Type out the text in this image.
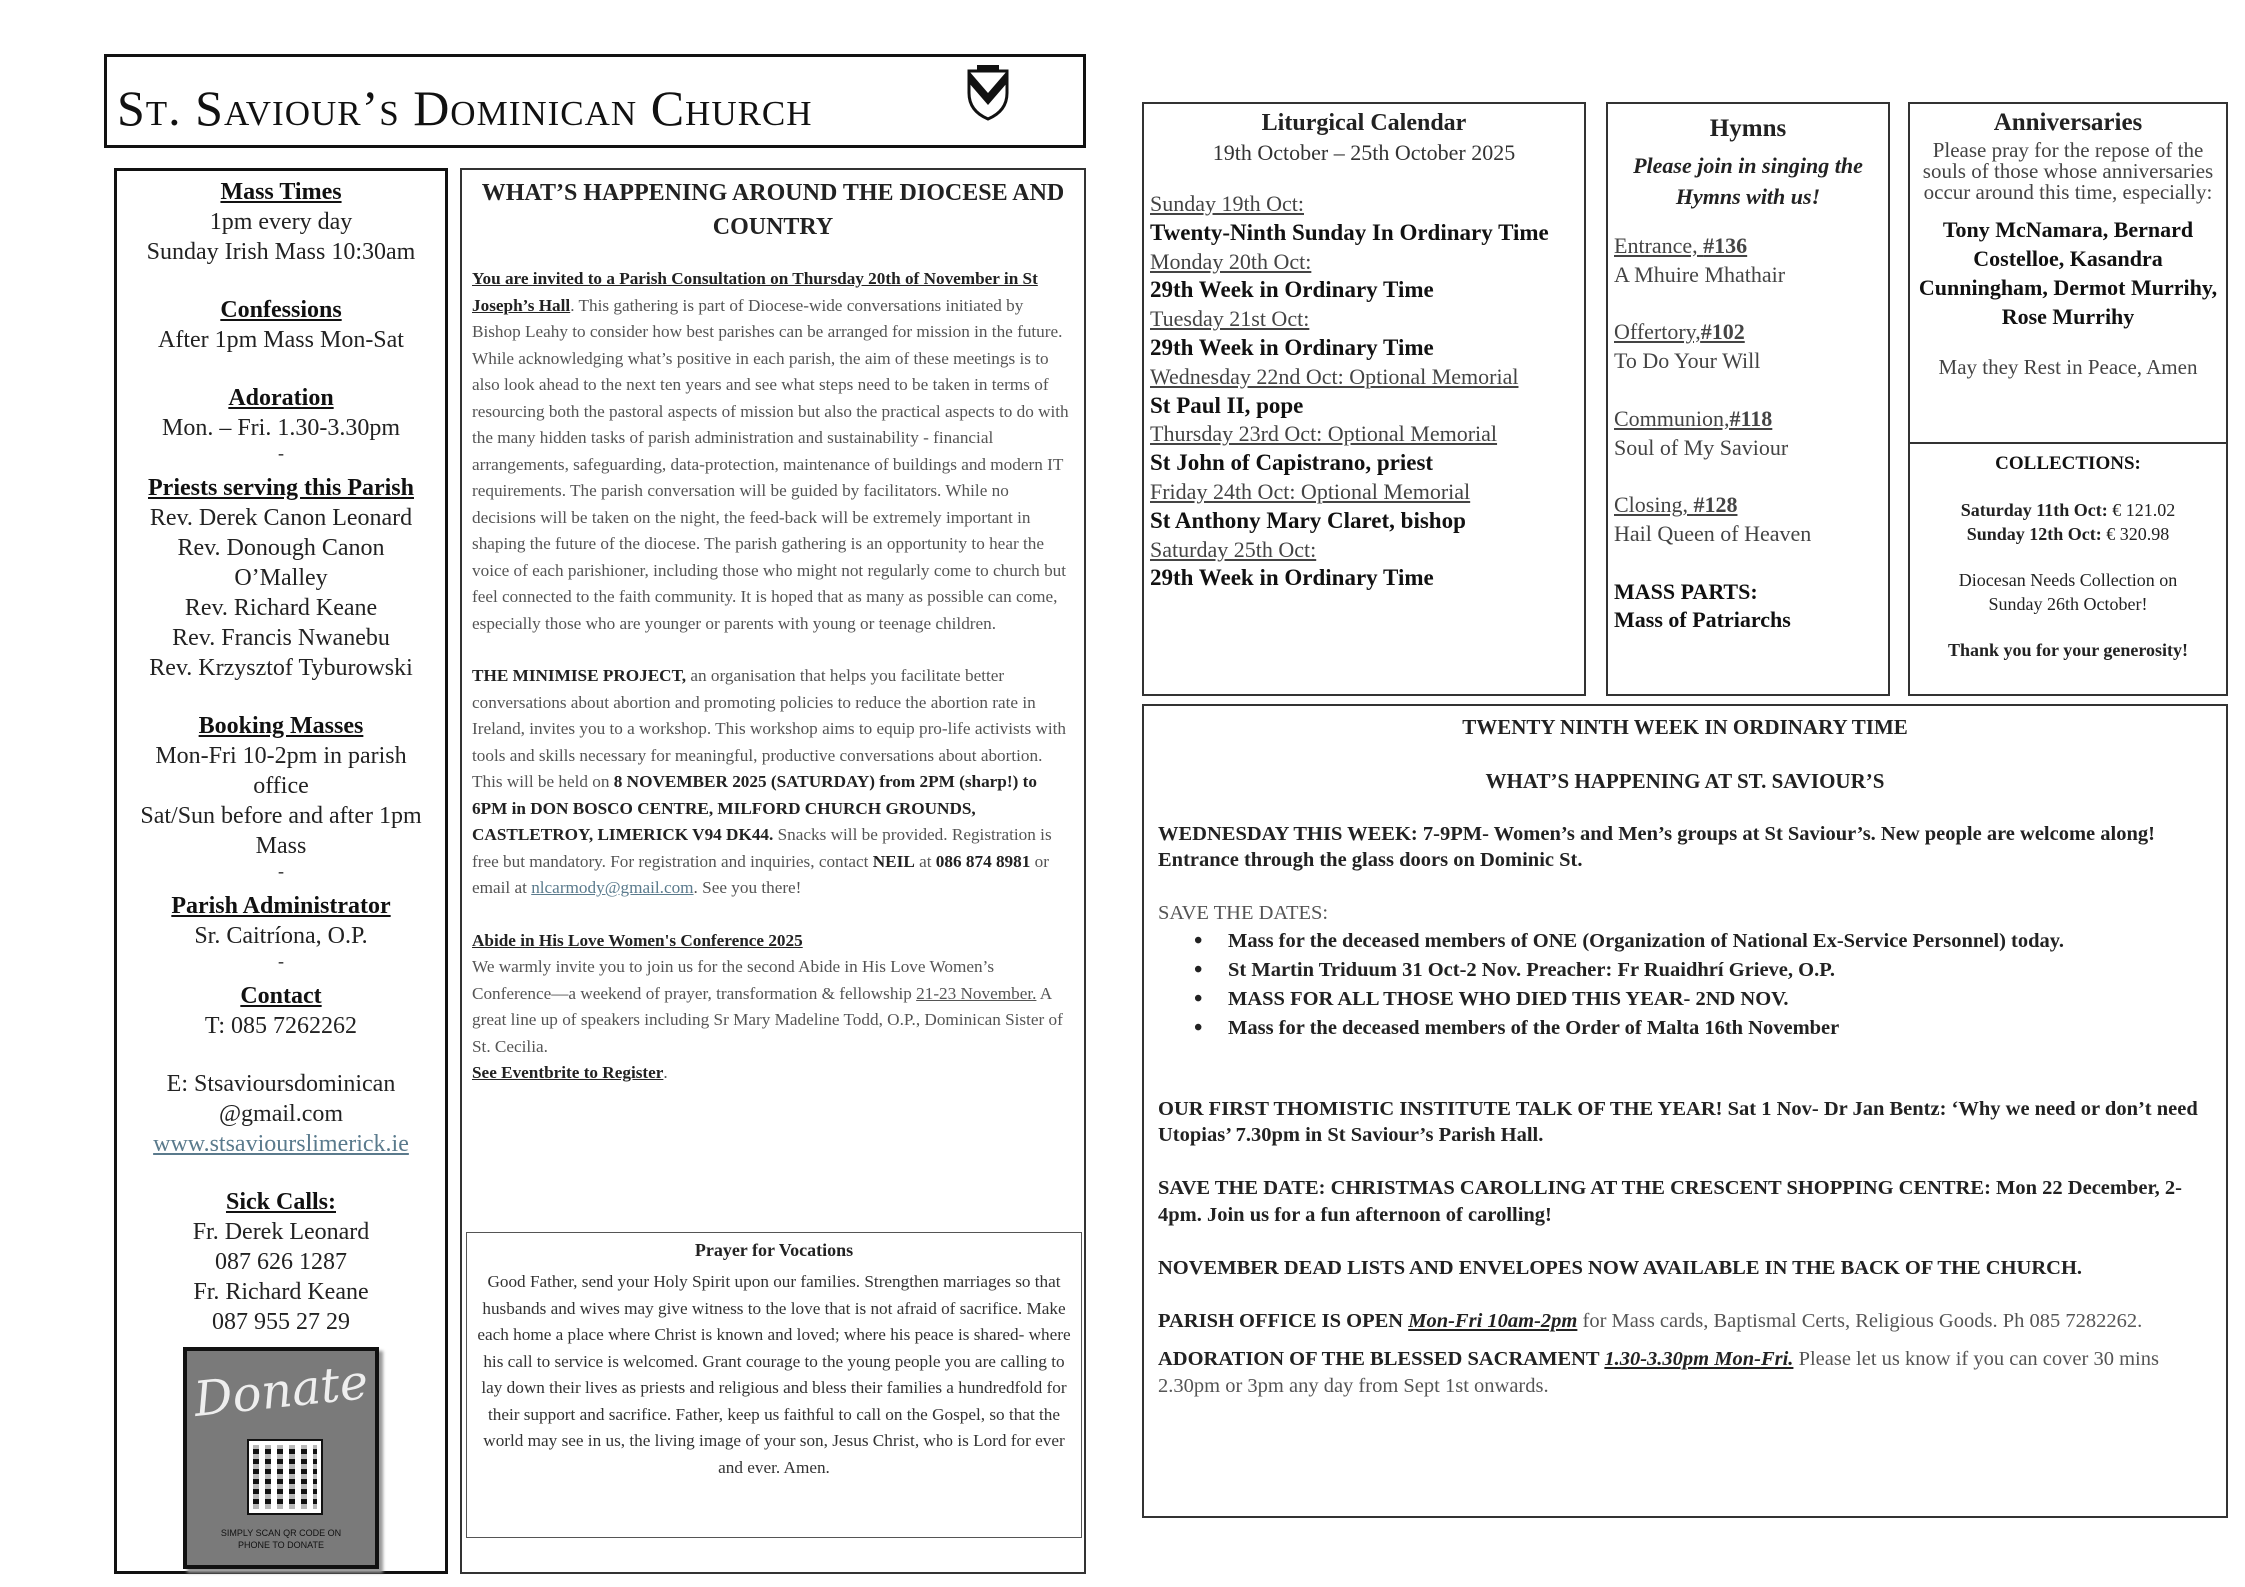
St. Saviour’s Dominican Church
Mass Times
1pm every day
Sunday Irish Mass 10:30am
Confessions
After 1pm Mass Mon-Sat
Adoration
Mon. – Fri. 1.30-3.30pm
-
Priests serving this Parish
Rev. Derek Canon Leonard
Rev. Donough Canon
O’Malley
Rev. Richard Keane
Rev. Francis Nwanebu
Rev. Krzysztof Tyburowski
Booking Masses
Mon-Fri 10-2pm in parish
office
Sat/Sun before and after 1pm
Mass
-
Parish Administrator
Sr. Caitríona, O.P.
-
Contact
T: 085 7262262
E: Stsavioursdominican
@gmail.com
www.stsaviourslimerick.ie
Sick Calls:
Fr. Derek Leonard
087 626 1287
Fr. Richard Keane
087 955 27 29
Donate
SIMPLY SCAN QR CODE ON
PHONE TO DONATE
WHAT’S HAPPENING AROUND THE DIOCESE AND COUNTRY

You are invited to a Parish Consultation on Thursday 20th of November in St Joseph’s Hall. This gathering is part of Diocese-wide conversations initiated by Bishop Leahy to consider how best parishes can be arranged for mission in the future. While acknowledging what’s positive in each parish, the aim of these meetings is to also look ahead to the next ten years and see what steps need to be taken in terms of resourcing both the pastoral aspects of mission but also the practical aspects to do with the many hidden tasks of parish administration and sustainability - financial arrangements, safeguarding, data-protection, maintenance of buildings and modern IT requirements. The parish conversation will be guided by facilitators. While no decisions will be taken on the night, the feed-back will be extremely important in shaping the future of the diocese. The parish gathering is an opportunity to hear the voice of each parishioner, including those who might not regularly come to church but feel connected to the faith community. It is hoped that as many as possible can come, especially those who are younger or parents with young or teenage children.

THE MINIMISE PROJECT, an organisation that helps you facilitate better conversations about abortion and promoting policies to reduce the abortion rate in Ireland, invites you to a workshop. This workshop aims to equip pro-life activists with tools and skills necessary for meaningful, productive conversations about abortion. This will be held on 8 NOVEMBER 2025 (SATURDAY) from 2PM (sharp!) to 6PM in DON BOSCO CENTRE, MILFORD CHURCH GROUNDS, CASTLETROY, LIMERICK V94 DK44. Snacks will be provided. Registration is free but mandatory. For registration and inquiries, contact NEIL at 086 874 8981 or email at nlcarmody@gmail.com. See you there!

Abide in His Love Women's Conference 2025
We warmly invite you to join us for the second Abide in His Love Women’s Conference—a weekend of prayer, transformation & fellowship 21-23 November. A great line up of speakers including Sr Mary Madeline Todd, O.P., Dominican Sister of St. Cecilia.
See Eventbrite to Register.

Prayer for Vocations

Good Father, send your Holy Spirit upon our families. Strengthen marriages so that husbands and wives may give witness to the love that is not afraid of sacrifice. Make each home a place where Christ is known and loved; where his peace is shared- where his call to service is welcomed. Grant courage to the young people you are calling to lay down their lives as priests and religious and bless their families a hundredfold for their support and sacrifice. Father, keep us faithful to call on the Gospel, so that the world may see in us, the living image of your son, Jesus Christ, who is Lord for ever and ever. Amen.

Liturgical Calendar
19th October – 25th October 2025
Sunday 19th Oct:
Twenty-Ninth Sunday In Ordinary Time
Monday 20th Oct:
29th Week in Ordinary Time
Tuesday 21st Oct:
29th Week in Ordinary Time
Wednesday 22nd Oct: Optional Memorial
St Paul II, pope
Thursday 23rd Oct: Optional Memorial
St John of Capistrano, priest
Friday 24th Oct: Optional Memorial
St Anthony Mary Claret, bishop
Saturday 25th Oct:
29th Week in Ordinary Time
Hymns
Please join in singing the Hymns with us!
Entrance, #136
A Mhuire Mhathair
Offertory,#102
To Do Your Will
Communion,#118
Soul of My Saviour
Closing, #128
Hail Queen of Heaven
MASS PARTS:
Mass of Patriarchs
Anniversaries
Please pray for the repose of the souls of those whose anniversaries occur around this time, especially:
Tony McNamara, Bernard Costelloe, Kasandra Cunningham, Dermot Murrihy, Rose Murrihy
May they Rest in Peace, Amen
COLLECTIONS:
Saturday 11th Oct: € 121.02
Sunday 12th Oct: € 320.98
Diocesan Needs Collection on
Sunday 26th October!
Thank you for your generosity!
TWENTY NINTH WEEK IN ORDINARY TIME
WHAT’S HAPPENING AT ST. SAVIOUR’S

WEDNESDAY THIS WEEK: 7-9PM- Women’s and Men’s groups at St Saviour’s. New people are welcome along! Entrance through the glass doors on Dominic St.

SAVE THE DATES:

• Mass for the deceased members of ONE (Organization of National Ex-Service Personnel) today.
• St Martin Triduum 31 Oct-2 Nov. Preacher: Fr Ruaidhrí Grieve, O.P.
• MASS FOR ALL THOSE WHO DIED THIS YEAR- 2ND NOV.
• Mass for the deceased members of the Order of Malta 16th November

OUR FIRST THOMISTIC INSTITUTE TALK OF THE YEAR! Sat 1 Nov- Dr Jan Bentz: ‘Why we need or don’t need Utopias’ 7.30pm in St Saviour’s Parish Hall.

SAVE THE DATE: CHRISTMAS CAROLLING AT THE CRESCENT SHOPPING CENTRE: Mon 22 December, 2-4pm. Join us for a fun afternoon of carolling!

NOVEMBER DEAD LISTS AND ENVELOPES NOW AVAILABLE IN THE BACK OF THE CHURCH.

PARISH OFFICE IS OPEN Mon-Fri 10am-2pm for Mass cards, Baptismal Certs, Religious Goods. Ph 085 7282262.

ADORATION OF THE BLESSED SACRAMENT 1.30-3.30pm Mon-Fri. Please let us know if you can cover 30 mins 2.30pm or 3pm any day from Sept 1st onwards.
